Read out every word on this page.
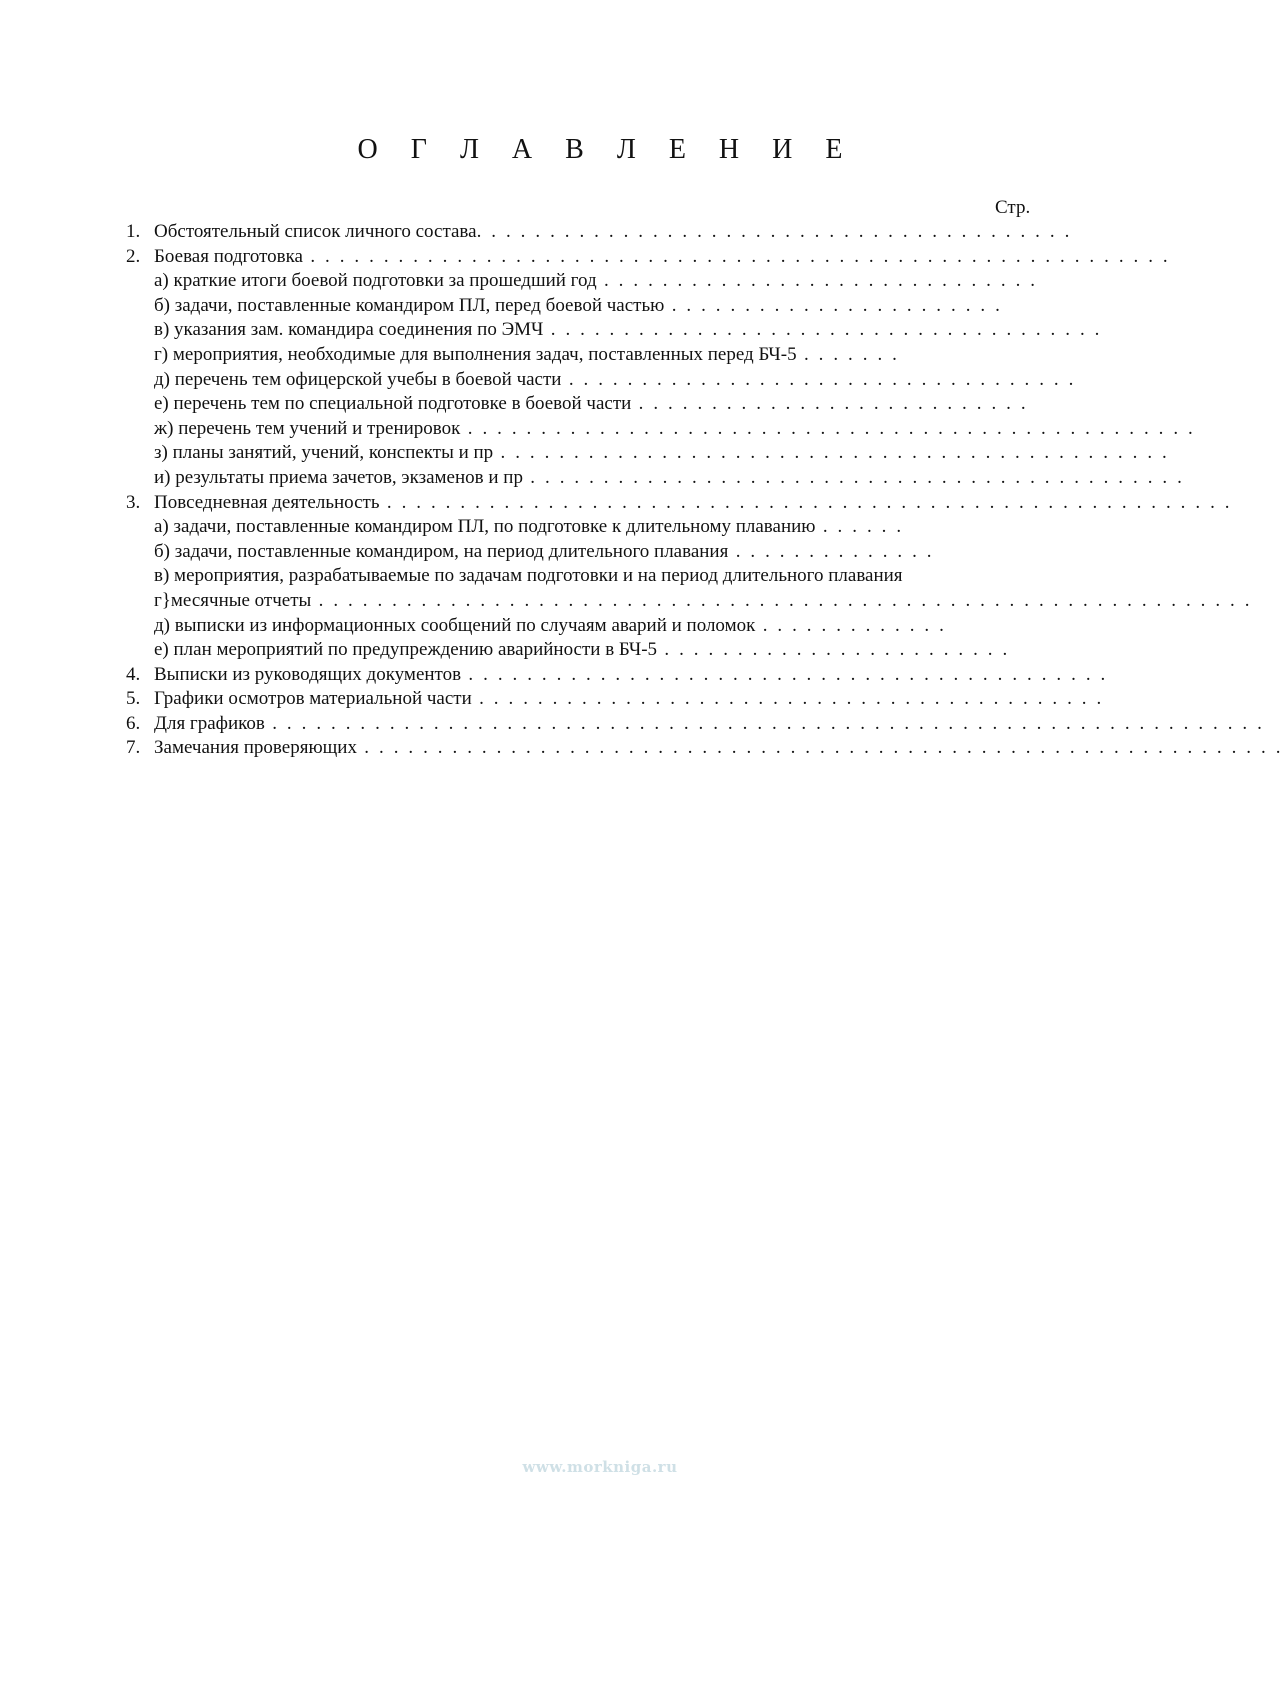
О Г Л А В Л Е Н И Е
Стр.
1. Обстоятельный список личного состава. . . . . . . . . . . . . . . . . . . . . . . . . . . . . . . . . . . . . . . . .
2. Боевая подготовка . . . . . . . . . . . . . . . . . . . . . . . . . . . . . . . . . . . . . . . . . . . . . . . . . . . . . . . . . . .
а) краткие итоги боевой подготовки за прошедший год . . . . . . . . . . . . . . . . . . . . . . . . . . . . . .
б) задачи, поставленные командиром ПЛ, перед боевой частью . . . . . . . . . . . . . . . . . . . . . . .
в) указания зам. командира соединения по ЭМЧ . . . . . . . . . . . . . . . . . . . . . . . . . . . . . . . . . . . . . .
г) мероприятия, необходимые для выполнения задач, поставленных перед БЧ-5 . . . . . . .
д) перечень тем офицерской учебы в боевой части . . . . . . . . . . . . . . . . . . . . . . . . . . . . . . . . . . .
е) перечень тем по специальной подготовке в боевой части . . . . . . . . . . . . . . . . . . . . . . . . . . .
ж) перечень тем учений и тренировок . . . . . . . . . . . . . . . . . . . . . . . . . . . . . . . . . . . . . . . . . . . . . . . . . .
з) планы занятий, учений, конспекты и пр . . . . . . . . . . . . . . . . . . . . . . . . . . . . . . . . . . . . . . . . . . . . . .
и) результаты приема зачетов, экзаменов и пр . . . . . . . . . . . . . . . . . . . . . . . . . . . . . . . . . . . . . . . . . . . . .
3. Повседневная деятельность . . . . . . . . . . . . . . . . . . . . . . . . . . . . . . . . . . . . . . . . . . . . . . . . . . . . . . . . . .
а) задачи, поставленные командиром ПЛ, по подготовке к длительному плаванию . . . . . .
б) задачи, поставленные командиром, на период длительного плавания . . . . . . . . . . . . . .
в) мероприятия, разрабатываемые по задачам подготовки и на период длительного плавания
г}месячные отчеты . . . . . . . . . . . . . . . . . . . . . . . . . . . . . . . . . . . . . . . . . . . . . . . . . . . . . . . . . . . . . . . .
д) выписки из информационных сообщений по случаям аварий и поломок . . . . . . . . . . . . .
е) план мероприятий по предупреждению аварийности в БЧ-5 . . . . . . . . . . . . . . . . . . . . . . . .
4. Выписки из руководящих документов . . . . . . . . . . . . . . . . . . . . . . . . . . . . . . . . . . . . . . . . . . . .
5. Графики осмотров материальной части . . . . . . . . . . . . . . . . . . . . . . . . . . . . . . . . . . . . . . . . . . .
6. Для графиков . . . . . . . . . . . . . . . . . . . . . . . . . . . . . . . . . . . . . . . . . . . . . . . . . . . . . . . . . . . . . . . . . . . .
7. Замечания проверяющих . . . . . . . . . . . . . . . . . . . . . . . . . . . . . . . . . . . . . . . . . . . . . . . . . . . . . . . . . . . . . . .
www.morkniga.ru
